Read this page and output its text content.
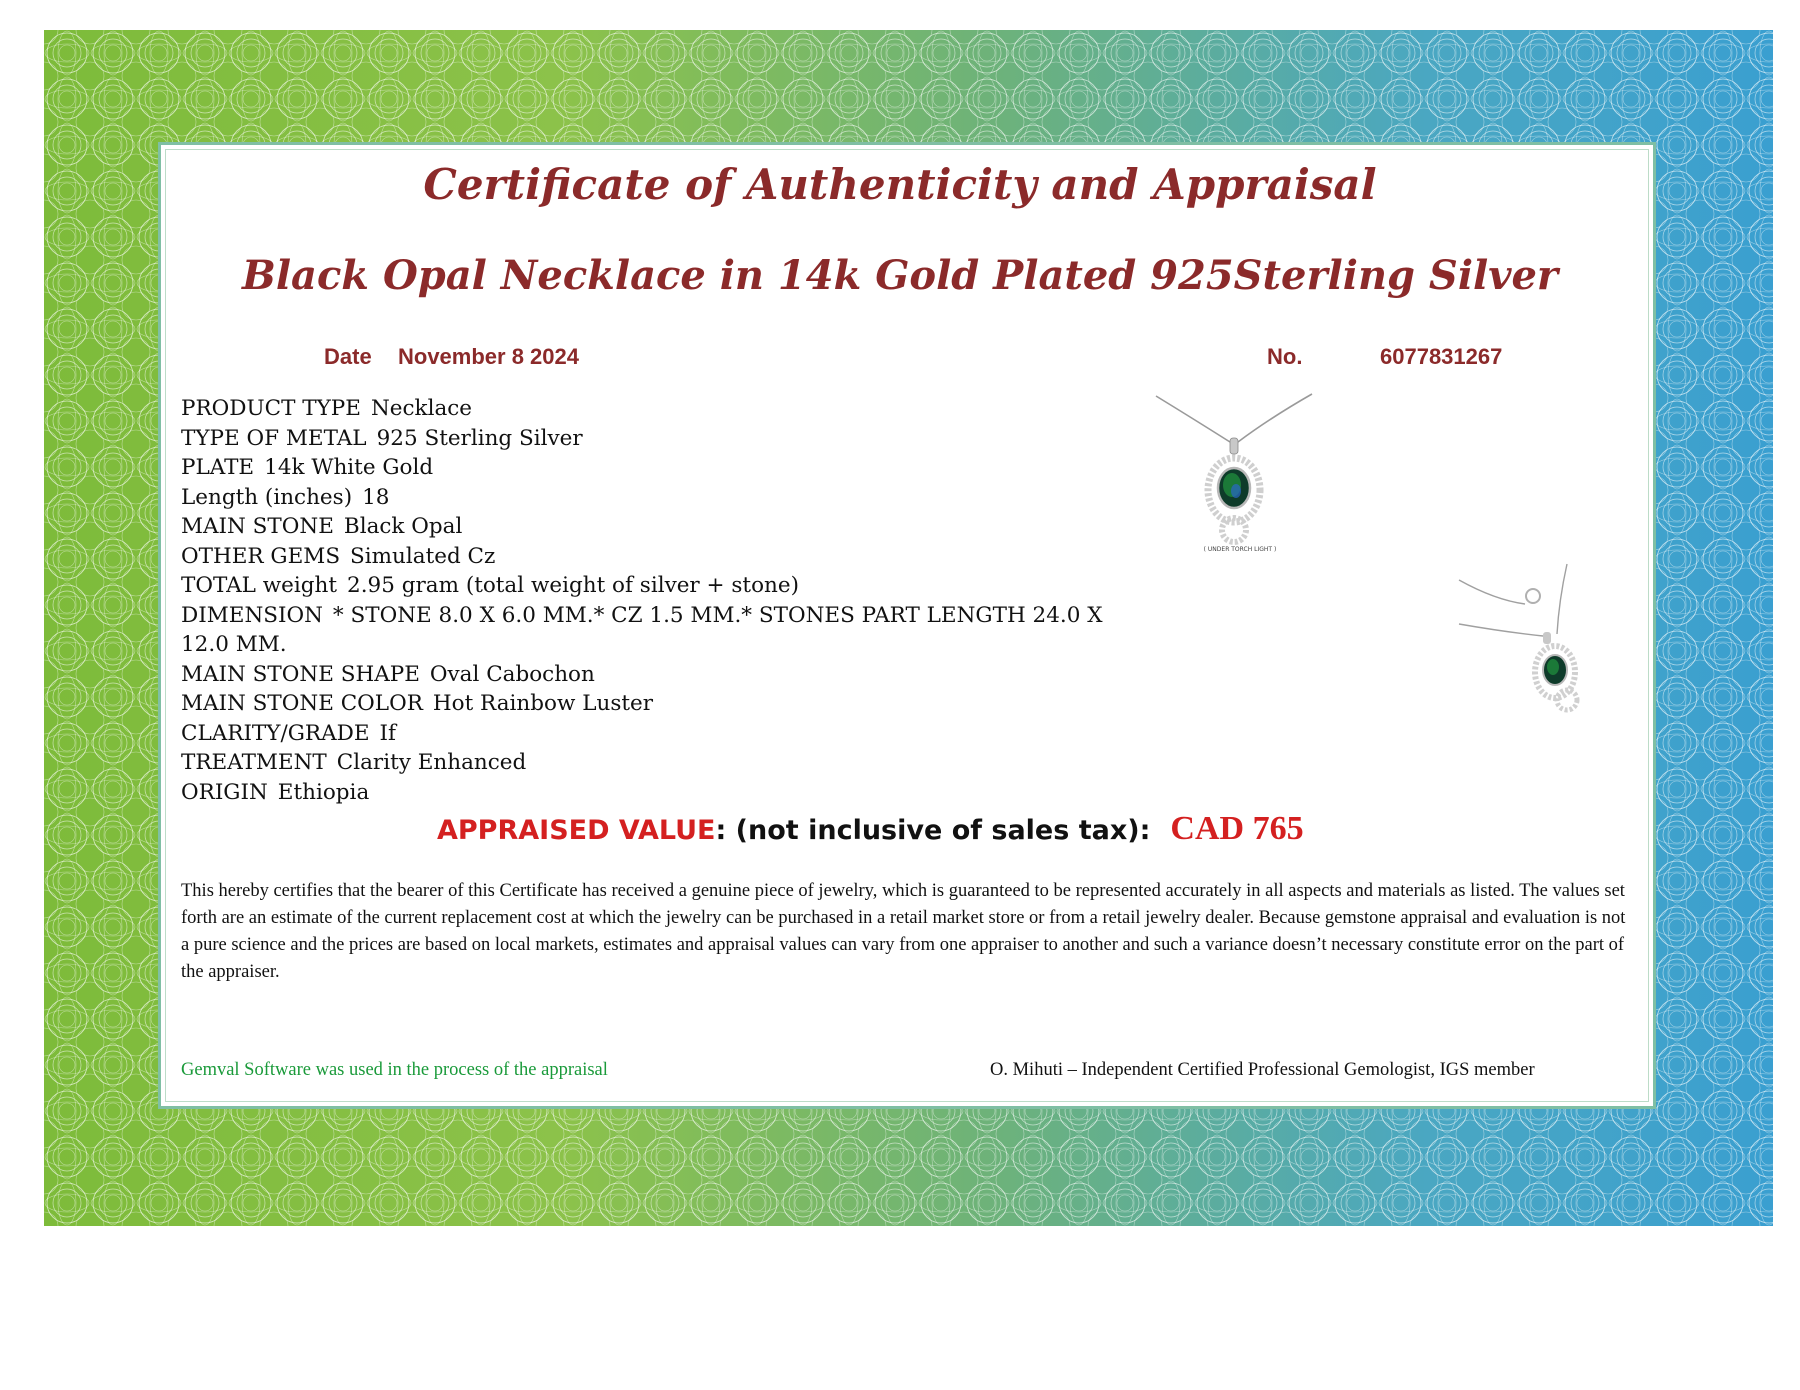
Certificate of Authenticity and Appraisal
Black Opal Necklace in 14k Gold Plated 925Sterling Silver
Date November 8 2024	No.	6077831267
PRODUCT TYPE Necklace
TYPE OF METAL 925 Sterling Silver
PLATE 14k White Gold
Length (inches) 18
MAIN STONE Black Opal
OTHER GEMS Simulated Cz
TOTAL weight 2.95 gram (total weight of silver + stone)
DIMENSION * STONE 8.0 X 6.0 MM.* CZ 1.5 MM.* STONES PART LENGTH 24.0 X 12.0 MM.
MAIN STONE SHAPE Oval Cabochon
MAIN STONE COLOR Hot Rainbow Luster
CLARITY/GRADE If
TREATMENT Clarity Enhanced
ORIGIN Ethiopia
( UNDER TORCH LIGHT )
APPRAISED VALUE: (not inclusive of sales tax): CAD 765
This hereby certifies that the bearer of this Certificate has received a genuine piece of jewelry, which is guaranteed to be represented accurately in all aspects and materials as listed. The values set forth are an estimate of the current replacement cost at which the jewelry can be purchased in a retail market store or from a retail jewelry dealer. Because gemstone appraisal and evaluation is not a pure science and the prices are based on local markets, estimates and appraisal values can vary from one appraiser to another and such a variance doesn’t necessary constitute error on the part of the appraiser.
Gemval Software was used in the process of the appraisal	O. Mihuti – Independent Certified Professional Gemologist, IGS member
